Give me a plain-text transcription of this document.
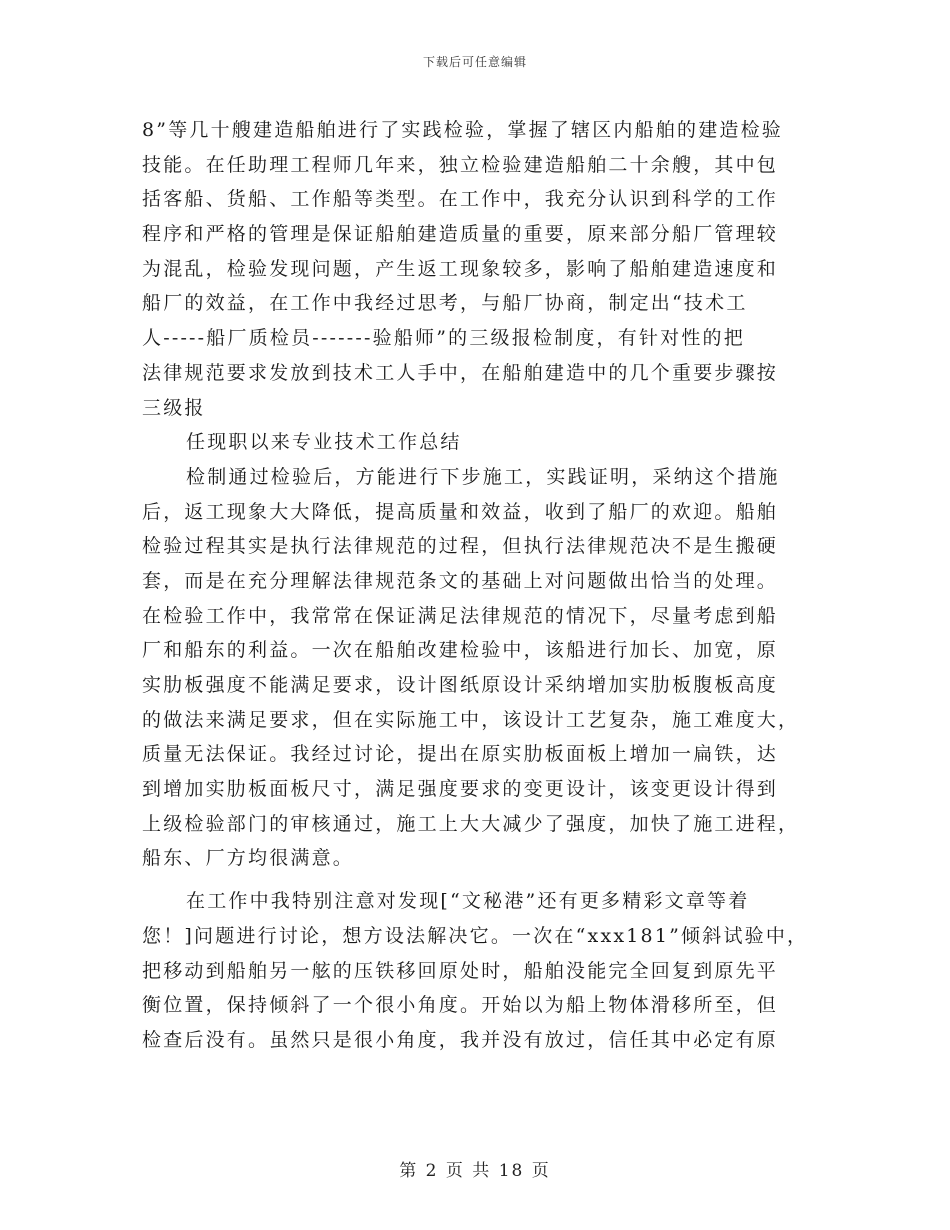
下载后可任意编辑
8”等几十艘建造船舶进行了实践检验，掌握了辖区内船舶的建造检验
技能。在任助理工程师几年来，独立检验建造船舶二十余艘，其中包
括客船、货船、工作船等类型。在工作中，我充分认识到科学的工作
程序和严格的管理是保证船舶建造质量的重要，原来部分船厂管理较
为混乱，检验发现问题，产生返工现象较多，影响了船舶建造速度和
船厂的效益，在工作中我经过思考，与船厂协商，制定出“技术工
人-----船厂质检员-------验船师”的三级报检制度，有针对性的把
法律规范要求发放到技术工人手中，在船舶建造中的几个重要步骤按
三级报
任现职以来专业技术工作总结
检制通过检验后，方能进行下步施工，实践证明，采纳这个措施
后，返工现象大大降低，提高质量和效益，收到了船厂的欢迎。船舶
检验过程其实是执行法律规范的过程，但执行法律规范决不是生搬硬
套，而是在充分理解法律规范条文的基础上对问题做出恰当的处理。
在检验工作中，我常常在保证满足法律规范的情况下，尽量考虑到船
厂和船东的利益。一次在船舶改建检验中，该船进行加长、加宽，原
实肋板强度不能满足要求，设计图纸原设计采纳增加实肋板腹板高度
的做法来满足要求，但在实际施工中，该设计工艺复杂，施工难度大，
质量无法保证。我经过讨论，提出在原实肋板面板上增加一扁铁，达
到增加实肋板面板尺寸，满足强度要求的变更设计，该变更设计得到
上级检验部门的审核通过，施工上大大减少了强度，加快了施工进程，
船东、厂方均很满意。
在工作中我特别注意对发现[“文秘港”还有更多精彩文章等着
您！]问题进行讨论，想方设法解决它。一次在“xxx181”倾斜试验中，
把移动到船舶另一舷的压铁移回原处时，船舶没能完全回复到原先平
衡位置，保持倾斜了一个很小角度。开始以为船上物体滑移所至，但
检查后没有。虽然只是很小角度，我并没有放过，信任其中必定有原
第 2 页 共 18 页
